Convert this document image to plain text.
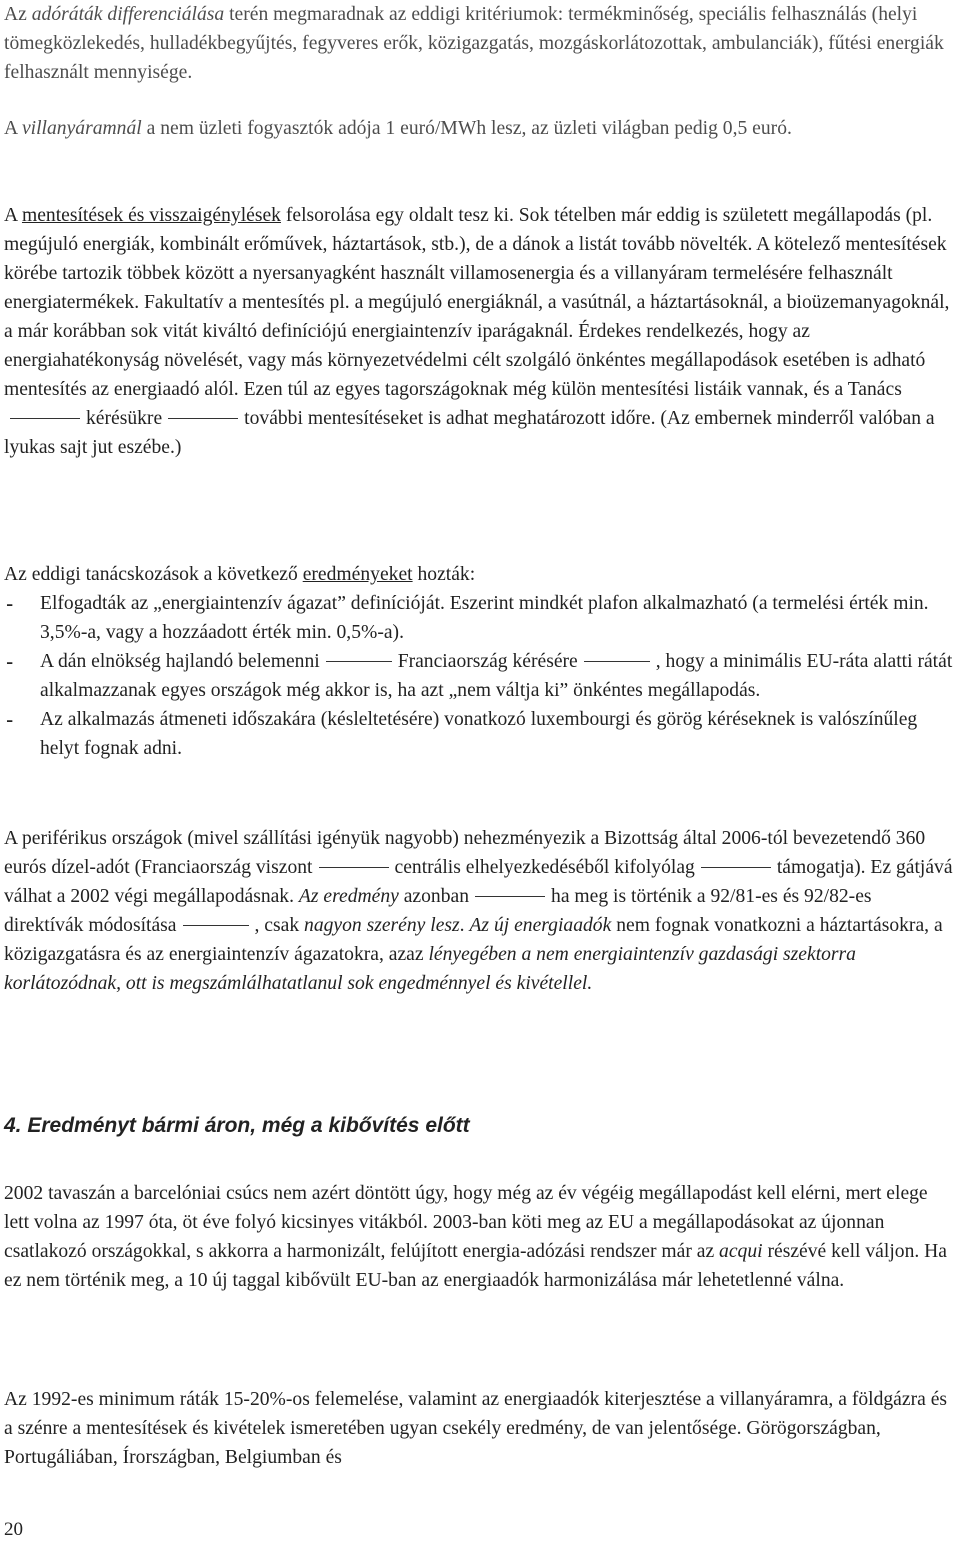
Az adóráták differenciálása terén megmaradnak az eddigi kritériumok: termékminőség, speciális felhasználás (helyi tömegközlekedés, hulladékbegyűjtés, fegyveres erők, közigazgatás, mozgáskorlátozottak, ambulanciák), fűtési energiák felhasznált mennyisége.

A villanyáramnál a nem üzleti fogyasztók adója 1 euró/MWh lesz, az üzleti világban pedig 0,5 euró.

A mentesítések és visszaigénylések felsorolása egy oldalt tesz ki. Sok tételben már eddig is született megállapodás (pl. megújuló energiák, kombinált erőművek, háztartások, stb.), de a dánok a listát tovább növelték. A kötelező mentesítések körébe tartozik többek között a nyersanyagként használt villamosenergia és a villanyáram termelésére felhasznált energiatermékek. Fakultatív a mentesítés pl. a megújuló energiáknál, a vasútnál, a háztartásoknál, a bioüzemanyagoknál, a már korábban sok vitát kiváltó definíciójú energiaintenzív iparágaknál. Érdekes rendelkezés, hogy az energiahatékonyság növelését, vagy más környezetvédelmi célt szolgáló önkéntes megállapodások esetében is adható mentesítés az energiaadó alól. Ezen túl az egyes tagországoknak még külön mentesítési listáik vannak, és a Tanácskérésükre	további mentesítéseket is adhat meghatározott időre. (Az embernek minderről valóban a lyukas sajt jut eszébe.)

Az eddigi tanácskozások a következő eredményeket hozták:

- Elfogadták az „energiaintenzív ágazat” definícióját. Eszerint mindkét plafon alkalmazható (a termelési érték min. 3,5%-a, vagy a hozzáadott érték min. 0,5%-a).
- A dán elnökség hajlandó belemenni	Franciaország kérésére	, hogy a minimális EU-ráta alatti rátát alkalmazzanak egyes országok még akkor is, ha azt „nem váltja ki” önkéntes megállapodás.
- Az alkalmazás átmeneti időszakára (késleltetésére) vonatkozó luxembourgi és görög kéréseknek is valószínűleg helyt fognak adni.

A periférikus országok (mivel szállítási igényük nagyobb) nehezményezik a Bizottság által 2006-tól bevezetendő 360 eurós dízel-adót (Franciaország viszont	centrális elhelyezkedéséből kifolyólag	támogatja). Ez gátjává válhat a 2002 végi megállapodásnak. Az eredmény azonban	ha meg is történik a 92/81-es és 92/82-es direktívák módosítása	, csak nagyon szerény lesz. Az új energiaadók nem fognak vonatkozni a háztartásokra, a közigazgatásra és az energiaintenzív ágazatokra, azaz lényegében a nem energiaintenzív gazdasági szektorra korlátozódnak, ott is megszámlálhatatlanul sok engedménnyel és kivétellel.

2002 tavaszán a barcelóniai csúcs nem azért döntött úgy, hogy még az év végéig megállapodást kell elérni, mert elege lett volna az 1997 óta, öt éve folyó kicsinyes vitákból. 2003-ban köti meg az EU a megállapodásokat az újonnan csatlakozó országokkal, s akkorra a harmonizált, felújított energia-adózási rendszer már az acqui részévé kell váljon. Ha ez nem történik meg, a 10 új taggal kibővült EU-ban az energiaadók harmonizálása már lehetetlenné válna.

Az 1992-es minimum ráták 15-20%-os felemelése, valamint az energiaadók kiterjesztése a villanyáramra, a földgázra és a szénre a mentesítések és kivételek ismeretében ugyan csekély eredmény, de van jelentősége. Görögországban, Portugáliában, Írországban, Belgiumban és

4. Eredményt bármi áron, még a kibővítés előtt
20
